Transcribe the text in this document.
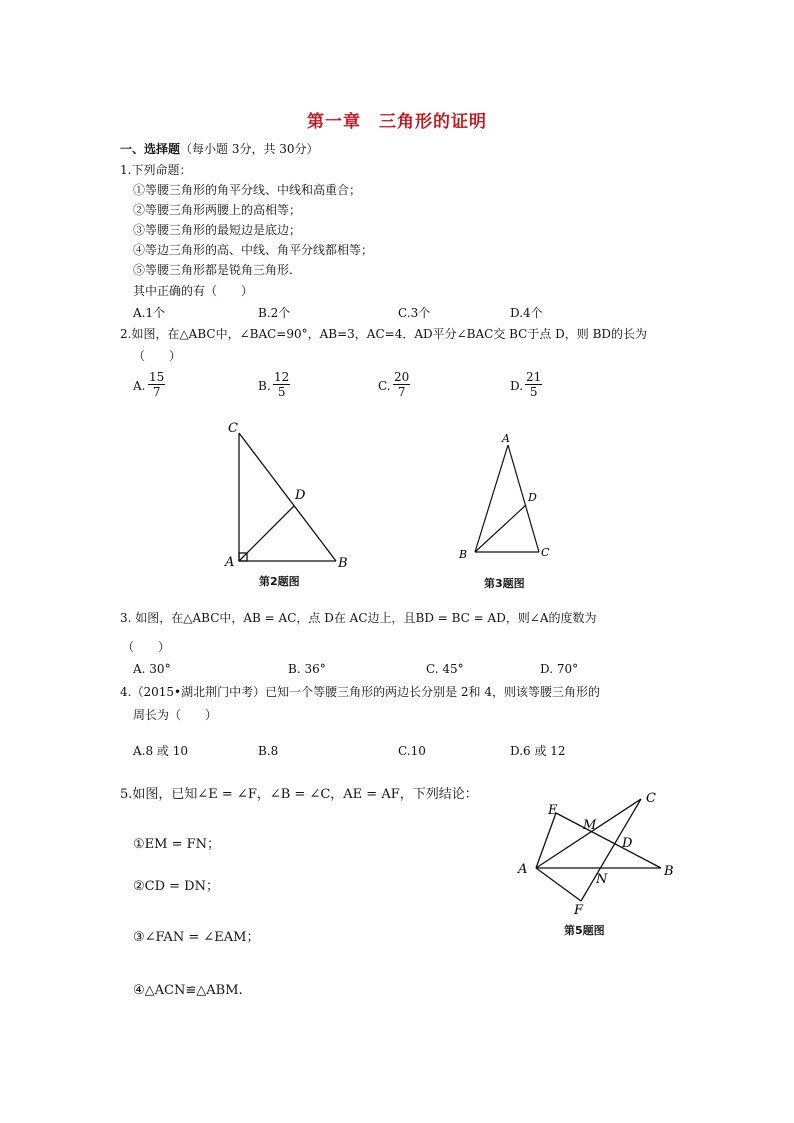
第一章　三角形的证明
一、选择题（每小题 3分，共 30分）
1.下列命题：
①等腰三角形的角平分线、中线和高重合；
②等腰三角形两腰上的高相等；
③等腰三角形的最短边是底边；
④等边三角形的高、中线、角平分线都相等；
⑤等腰三角形都是锐角三角形.
其中正确的有（　　）
A.1个	B.2个	C.3个	D.4个
2.如图，在△ABC中，∠BAC=90°，AB=3，AC=4．AD平分∠BAC交 BC于点 D，则 BD的长为
（　　）
A. $\frac{15}{7}$	B. $\frac{12}{5}$	C. $\frac{20}{7}$	D. $\frac{21}{5}$
C
D
A	B
第2题图
A
D
B	C
第3题图
3. 如图，在△ABC中，AB = AC，点 D在 AC边上，且BD = BC = AD，则∠A的度数为
（　　）
A. 30°	B. 36°	C. 45°	D. 70°
4.（2015•湖北荆门中考）已知一个等腰三角形的两边长分别是 2和 4，则该等腰三角形的
周长为（　　）
A.8 或 10	B.8	C.10	D.6 或 12
5.如图，已知∠E = ∠F，∠B = ∠C，AE = AF，下列结论：
①EM = FN；
②CD = DN；
③∠FAN = ∠EAM；
④△ACN≌△ABM.
E
M
C
D
A
N
B
F
第5题图
